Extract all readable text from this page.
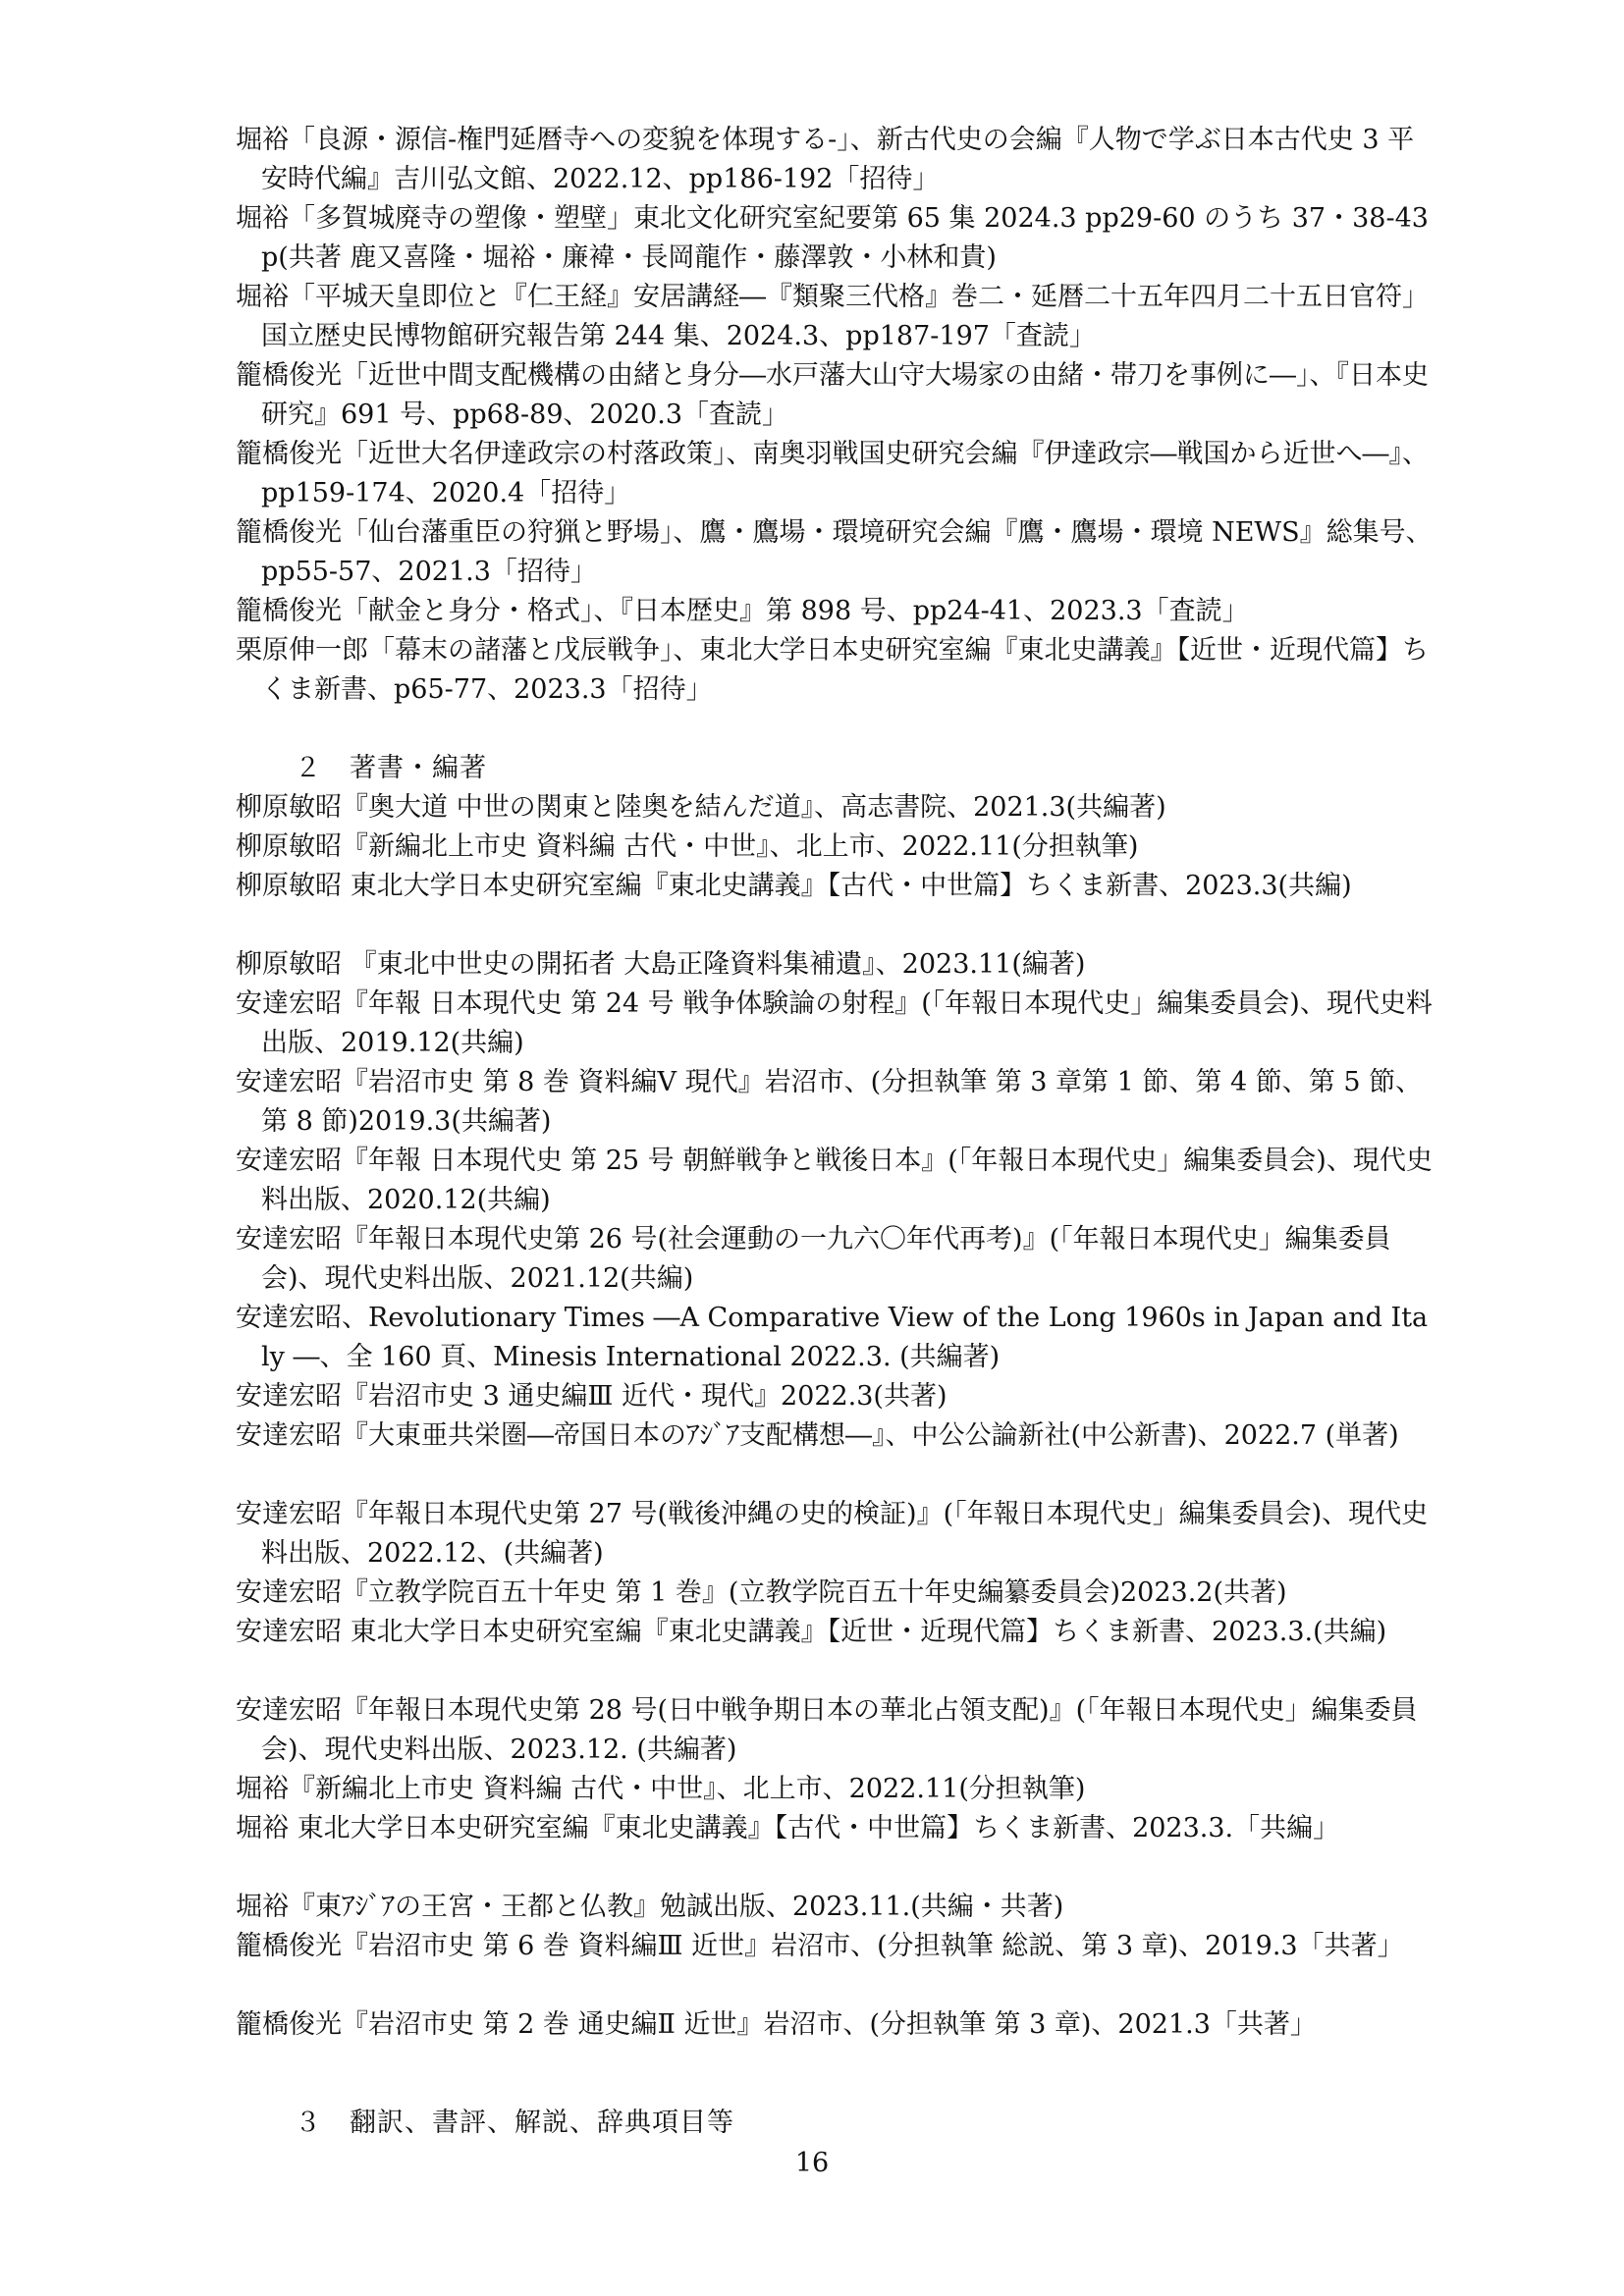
堀裕「良源・源信-権門延暦寺への変貌を体現する-」、新古代史の会編『人物で学ぶ日本古代史 3 平安時代編』吉川弘文館、2022.12、pp186-192「招待」
堀裕「多賀城廃寺の塑像・塑壁」東北文化研究室紀要第 65 集 2024.3 pp29-60 のうち 37・38-43p(共著 鹿又喜隆・堀裕・廉褘・長岡龍作・藤澤敦・小林和貴)
堀裕「平城天皇即位と『仁王経』安居講経―『類聚三代格』巻二・延暦二十五年四月二十五日官符」国立歴史民博物館研究報告第 244 集、2024.3、pp187-197「査読」
籠橋俊光「近世中間支配機構の由緒と身分―水戸藩大山守大場家の由緒・帯刀を事例に―」、『日本史研究』691 号、pp68-89、2020.3「査読」
籠橋俊光「近世大名伊達政宗の村落政策」、南奥羽戦国史研究会編『伊達政宗―戦国から近世へ―』、pp159-174、2020.4「招待」
籠橋俊光「仙台藩重臣の狩猟と野場」、鷹・鷹場・環境研究会編『鷹・鷹場・環境 NEWS』総集号、pp55-57、2021.3「招待」
籠橋俊光「献金と身分・格式」、『日本歴史』第 898 号、pp24-41、2023.3「査読」
栗原伸一郎「幕末の諸藩と戊辰戦争」、東北大学日本史研究室編『東北史講義』【近世・近現代篇】ちくま新書、p65-77、2023.3「招待」
２　著書・編著
柳原敏昭『奥大道 中世の関東と陸奥を結んだ道』、高志書院、2021.3(共編著)
柳原敏昭『新編北上市史 資料編 古代・中世』、北上市、2022.11(分担執筆)
柳原敏昭 東北大学日本史研究室編『東北史講義』【古代・中世篇】ちくま新書、2023.3(共編)
柳原敏昭 『東北中世史の開拓者 大島正隆資料集補遺』、2023.11(編著)
安達宏昭『年報 日本現代史 第 24 号 戦争体験論の射程』(「年報日本現代史」編集委員会)、現代史料出版、2019.12(共編)
安達宏昭『岩沼市史 第 8 巻 資料編Ⅴ 現代』岩沼市、(分担執筆 第 3 章第 1 節、第 4 節、第 5 節、第 8 節)2019.3(共編著)
安達宏昭『年報 日本現代史 第 25 号 朝鮮戦争と戦後日本』(「年報日本現代史」編集委員会)、現代史料出版、2020.12(共編)
安達宏昭『年報日本現代史第 26 号(社会運動の一九六〇年代再考)』(「年報日本現代史」編集委員会)、現代史料出版、2021.12(共編)
安達宏昭、Revolutionary Times ―A Comparative View of the Long 1960s in Japan and Italy ―、全 160 頁、Minesis International 2022.3. (共編著)
安達宏昭『岩沼市史 3 通史編Ⅲ 近代・現代』2022.3(共著)
安達宏昭『大東亜共栄圏―帝国日本のｱｼﾞｱ支配構想―』、中公公論新社(中公新書)、2022.7 (単著)
安達宏昭『年報日本現代史第 27 号(戦後沖縄の史的検証)』(「年報日本現代史」編集委員会)、現代史料出版、2022.12、(共編著)
安達宏昭『立教学院百五十年史 第 1 巻』(立教学院百五十年史編纂委員会)2023.2(共著)
安達宏昭 東北大学日本史研究室編『東北史講義』【近世・近現代篇】ちくま新書、2023.3.(共編)
安達宏昭『年報日本現代史第 28 号(日中戦争期日本の華北占領支配)』(「年報日本現代史」編集委員会)、現代史料出版、2023.12. (共編著)
堀裕『新編北上市史 資料編 古代・中世』、北上市、2022.11(分担執筆)
堀裕 東北大学日本史研究室編『東北史講義』【古代・中世篇】ちくま新書、2023.3.「共編」
堀裕『東ｱｼﾞｱの王宮・王都と仏教』勉誠出版、2023.11.(共編・共著)
籠橋俊光『岩沼市史 第 6 巻 資料編Ⅲ 近世』岩沼市、(分担執筆 総説、第 3 章)、2019.3「共著」
籠橋俊光『岩沼市史 第 2 巻 通史編Ⅱ 近世』岩沼市、(分担執筆 第 3 章)、2021.3「共著」
３　翻訳、書評、解説、辞典項目等
16
